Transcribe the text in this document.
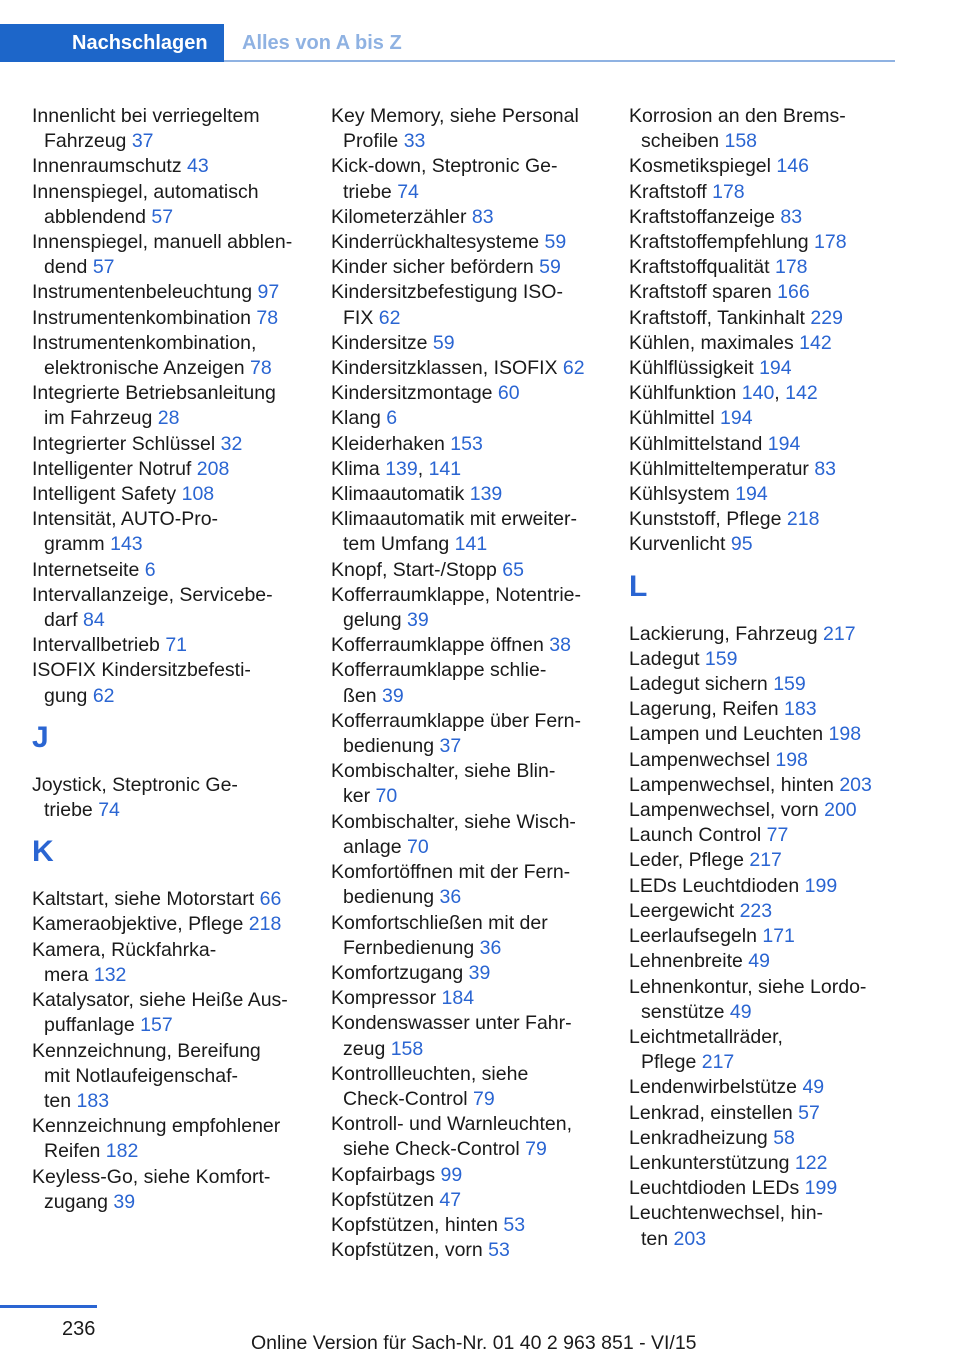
Nachschlagen	Alles von A bis Z
Innenlicht bei verriegeltem
Fahrzeug 37
Innenraumschutz 43
Innenspiegel, automatisch
abblendend 57
Innenspiegel, manuell abblen-
dend 57
Instrumentenbeleuchtung 97
Instrumentenkombination 78
Instrumentenkombination,
elektronische Anzeigen 78
Integrierte Betriebsanleitung
im Fahrzeug 28
Integrierter Schlüssel 32
Intelligenter Notruf 208
Intelligent Safety 108
Intensität, AUTO-Pro-
gramm 143
Internetseite 6
Intervallanzeige, Servicebe-
darf 84
Intervallbetrieb 71
ISOFIX Kindersitzbefesti-
gung 62
J
Joystick, Steptronic Ge-
triebe 74
K
Kaltstart, siehe Motorstart 66
Kameraobjektive, Pflege 218
Kamera, Rückfahrka-
mera 132
Katalysator, siehe Heiße Aus-
puffanlage 157
Kennzeichnung, Bereifung
mit Notlaufeigenschaf-
ten 183
Kennzeichnung empfohlener
Reifen 182
Keyless-Go, siehe Komfort-
zugang 39
Key Memory, siehe Personal
Profile 33
Kick-down, Steptronic Ge-
triebe 74
Kilometerzähler 83
Kinderrückhaltesysteme 59
Kinder sicher befördern 59
Kindersitzbefestigung ISO-
FIX 62
Kindersitze 59
Kindersitzklassen, ISOFIX 62
Kindersitzmontage 60
Klang 6
Kleiderhaken 153
Klima 139, 141
Klimaautomatik 139
Klimaautomatik mit erweiter-
tem Umfang 141
Knopf, Start-/Stopp 65
Kofferraumklappe, Notentrie-
gelung 39
Kofferraumklappe öffnen 38
Kofferraumklappe schlie-
ßen 39
Kofferraumklappe über Fern-
bedienung 37
Kombischalter, siehe Blin-
ker 70
Kombischalter, siehe Wisch-
anlage 70
Komfortöffnen mit der Fern-
bedienung 36
Komfortschließen mit der
Fernbedienung 36
Komfortzugang 39
Kompressor 184
Kondenswasser unter Fahr-
zeug 158
Kontrollleuchten, siehe
Check-Control 79
Kontroll- und Warnleuchten,
siehe Check-Control 79
Kopfairbags 99
Kopfstützen 47
Kopfstützen, hinten 53
Kopfstützen, vorn 53
Korrosion an den Brems-
scheiben 158
Kosmetikspiegel 146
Kraftstoff 178
Kraftstoffanzeige 83
Kraftstoffempfehlung 178
Kraftstoffqualität 178
Kraftstoff sparen 166
Kraftstoff, Tankinhalt 229
Kühlen, maximales 142
Kühlflüssigkeit 194
Kühlfunktion 140, 142
Kühlmittel 194
Kühlmittelstand 194
Kühlmitteltemperatur 83
Kühlsystem 194
Kunststoff, Pflege 218
Kurvenlicht 95
L
Lackierung, Fahrzeug 217
Ladegut 159
Ladegut sichern 159
Lagerung, Reifen 183
Lampen und Leuchten 198
Lampenwechsel 198
Lampenwechsel, hinten 203
Lampenwechsel, vorn 200
Launch Control 77
Leder, Pflege 217
LEDs Leuchtdioden 199
Leergewicht 223
Leerlaufsegeln 171
Lehnenbreite 49
Lehnenkontur, siehe Lordo-
senstütze 49
Leichtmetallräder,
Pflege 217
Lendenwirbelstütze 49
Lenkrad, einstellen 57
Lenkradheizung 58
Lenkunterstützung 122
Leuchtdioden LEDs 199
Leuchtenwechsel, hin-
ten 203
236
Online Version für Sach-Nr. 01 40 2 963 851 - VI/15
